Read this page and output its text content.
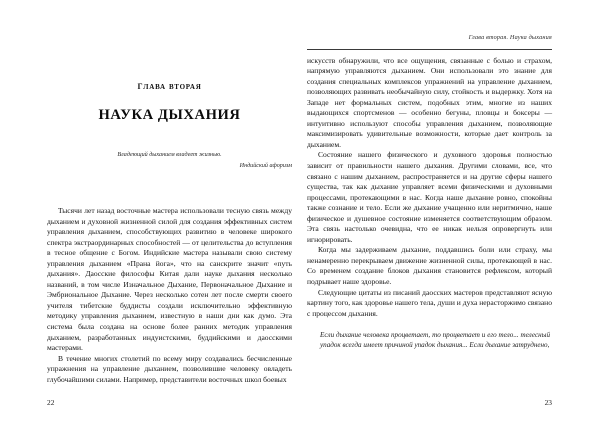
глава вторая
НАУКА ДЫХАНИЯ
Владеющий дыханием владеет жизнью.
Индийский афоризм

Тысячи лет назад восточные мастера использовали тесную связь между дыханием и духовной жизненной силой для создания эффективных систем управления дыханием, способствующих развитию в человеке широкого спектра экстраординарных способностей — от целительства до вступления в тесное общение с Богом. Индийские мастера называли свою систему управления дыханием «Прана йога», что на санскрите значит «путь дыхания». Даосские философы Китая дали науке дыхания несколько названий, в том числе Изначальное Дыхание, Первоначальное Дыхание и Эмбриональное Дыхание. Через несколько сотен лет после смерти своего учителя тибетские буддисты создали исключительно эффективную методику управления дыханием, известную в наши дни как думо. Эта система была создана на основе более ранних методик управления дыханием, разработанных индуистскими, буддийскими и даосскими мастерами.

В течение многих столетий по всему миру создавались бесчисленные упражнения на управление дыханием, позволившие человеку овладеть глубочайшими силами. Например, представители восточных школ боевых

22
Глава вторая. Наука дыхания

искусств обнаружили, что все ощущения, связанные с болью и страхом, напрямую управляются дыханием. Они использовали это знание для создания специальных комплексов упражнений на управление дыханием, позволяющих развивать необычайную силу, стойкость и выдержку. Хотя на Западе нет формальных систем, подобных этим, многие из наших выдающихся спортсменов — особенно бегуны, пловцы и боксеры — интуитивно используют способы управления дыханием, позволяющие максимизировать удивительные возможности, которые дает контроль за дыханием.

Состояние нашего физического и духовного здоровья полностью зависит от правильности нашего дыхания. Другими словами, все, что связано с нашим дыханием, распространяется и на другие сферы нашего существа, так как дыхание управляет всеми физическими и духовными процессами, протекающими в нас. Когда наше дыхание ровно, спокойны также сознание и тело. Если же дыхание учащенно или неритмично, наше физическое и душевное состояние изменяется соответствующим образом. Эта связь настолько очевидна, что ее никак нельзя опровергнуть или игнорировать.

Когда мы задерживаем дыхание, поддавшись боли или страху, мы ненамеренно перекрываем движение жизненной силы, протекающей в нас. Со временем создание блоков дыхания становится рефлексом, который подрывает наше здоровье.

Следующие цитаты из писаний даосских мастеров представляют ясную картину того, как здоровье нашего тела, души и духа нерасторжимо связано с процессом дыхания.

Если дыхание человека процветает, то процветает и его тело... телесный упадок всегда имеет причиной упадок дыхания... Если дыхание затруднено,

23
